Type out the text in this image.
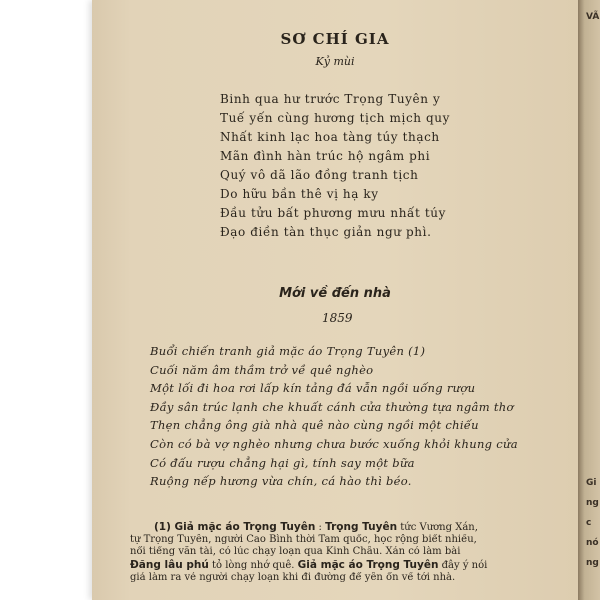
SƠ CHÍ GIA
Kỷ mùi
Binh qua hư trước Trọng Tuyên y
Tuế yến cùng hương tịch mịch quy
Nhất kinh lạc hoa tàng túy thạch
Mãn đình hàn trúc hộ ngâm phi
Quý vô dã lão đồng tranh tịch
Do hữu bần thê vị hạ ky
Đầu tửu bất phương mưu nhất túy
Đạo điền tàn thục giản ngư phì.
Mới về đến nhà
1859
Buổi chiến tranh giả mặc áo Trọng Tuyên (1)
Cuối năm âm thầm trở về quê nghèo
Một lối đi hoa rơi lấp kín tảng đá vẫn ngồi uống rượu
Đầy sân trúc lạnh che khuất cánh cửa thường tựa ngâm thơ
Thẹn chẳng ông già nhà quê nào cùng ngồi một chiếu
Còn có bà vợ nghèo nhưng chưa bước xuống khỏi khung cửa
Có đấu rượu chẳng hại gì, tính say một bữa
Ruộng nếp hương vừa chín, cá hào thì béo.
(1) Giả mặc áo Trọng Tuyên : Trọng Tuyên tức Vương Xán,
tự Trọng Tuyên, người Cao Bình thời Tam quốc, học rộng biết nhiều,
nổi tiếng văn tài, có lúc chạy loạn qua Kinh Châu. Xán có làm bài
Đăng lâu phú tỏ lòng nhớ quê. Giả mặc áo Trọng Tuyên đây ý nói
giả làm ra vẻ người chạy loạn khi đi đường để yên ổn về tới nhà.
VÃ
Gi
ng
c
nó
ng
